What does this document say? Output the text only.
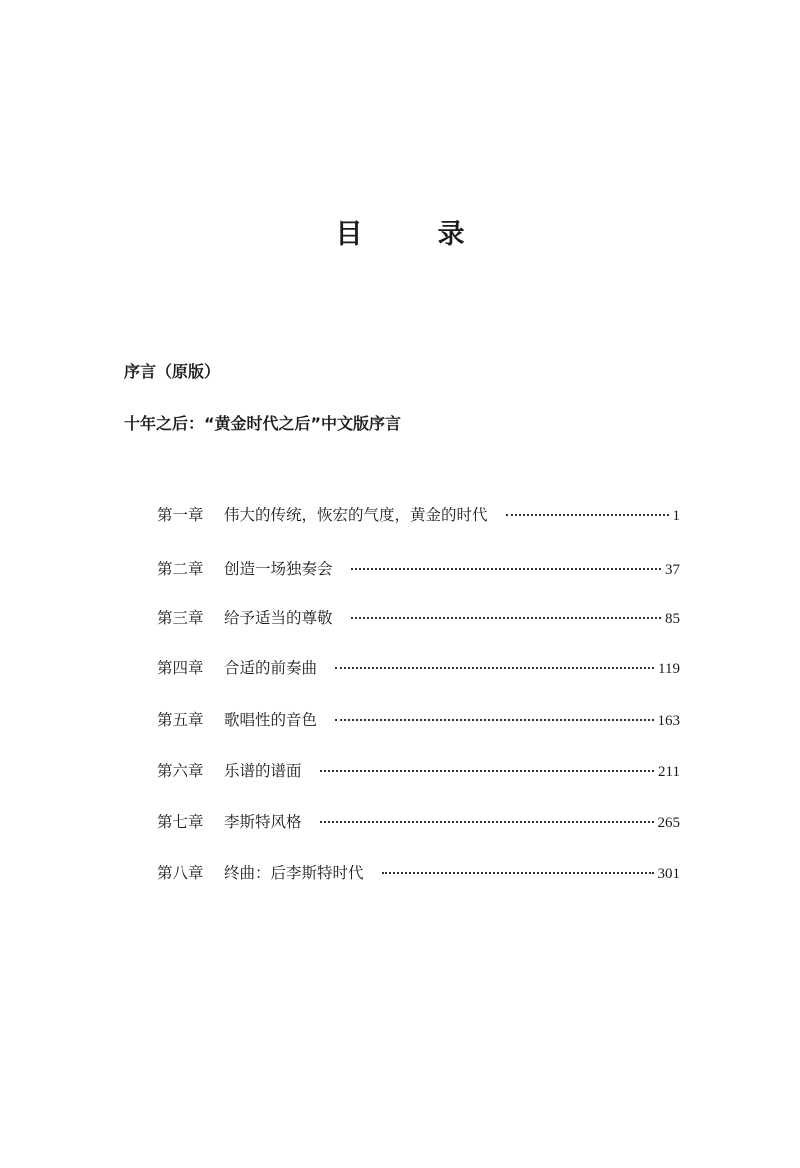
目　录
序言（原版）
十年之后：“黄金时代之后”中文版序言
第一章	伟大的传统，恢宏的气度，黄金的时代	1
第二章	创造一场独奏会	37
第三章	给予适当的尊敬	85
第四章	合适的前奏曲	119
第五章	歌唱性的音色	163
第六章	乐谱的谱面	211
第七章	李斯特风格	265
第八章	终曲：后李斯特时代	301
